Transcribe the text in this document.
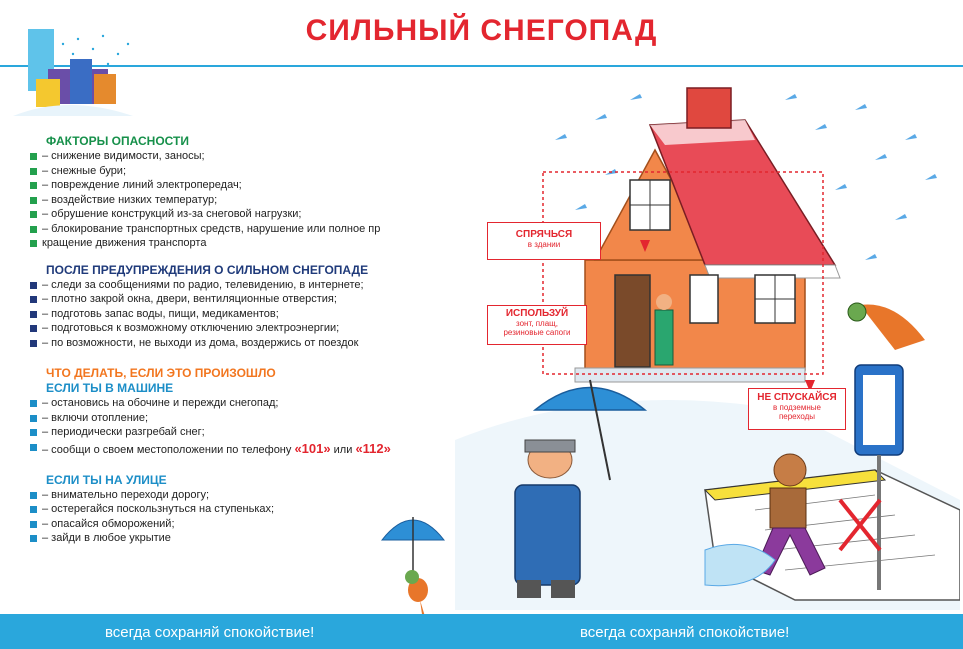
СИЛЬНЫЙ СНЕГОПАД
ФАКТОРЫ ОПАСНОСТИ
– снижение видимости, заносы;
– снежные бури;
– повреждение линий электропередач;
– воздействие низких температур;
– обрушение конструкций из-за снеговой нагрузки;
– блокирование транспортных средств, нарушение или полное пр
кращение движения транспорта
ПОСЛЕ ПРЕДУПРЕЖДЕНИЯ О СИЛЬНОМ СНЕГОПАДЕ
– следи за сообщениями по радио, телевидению, в интернете;
– плотно закрой окна, двери, вентиляционные отверстия;
– подготовь запас воды, пищи, медикаментов;
– подготовься к возможному отключению электроэнергии;
– по возможности, не выходи из дома, воздержись от поездок
ЧТО ДЕЛАТЬ, ЕСЛИ ЭТО ПРОИЗОШЛО
ЕСЛИ ТЫ В МАШИНЕ
– остановись на обочине и пережди снегопад;
– включи отопление;
– периодически разгребай снег;
– сообщи о своем местоположении по телефону «101» или «112»
ЕСЛИ ТЫ НА УЛИЦЕ
– внимательно переходи дорогу;
– остерегайся поскользнуться на ступеньках;
– опасайся обморожений;
– зайди в любое укрытие
СПРЯЧЬСЯ
в здании
ИСПОЛЬЗУЙ
зонт, плащ,
резиновые сапоги
НЕ СПУСКАЙСЯ
в подземные
переходы
всегда сохраняй спокойствие!	всегда сохраняй спокойствие!
